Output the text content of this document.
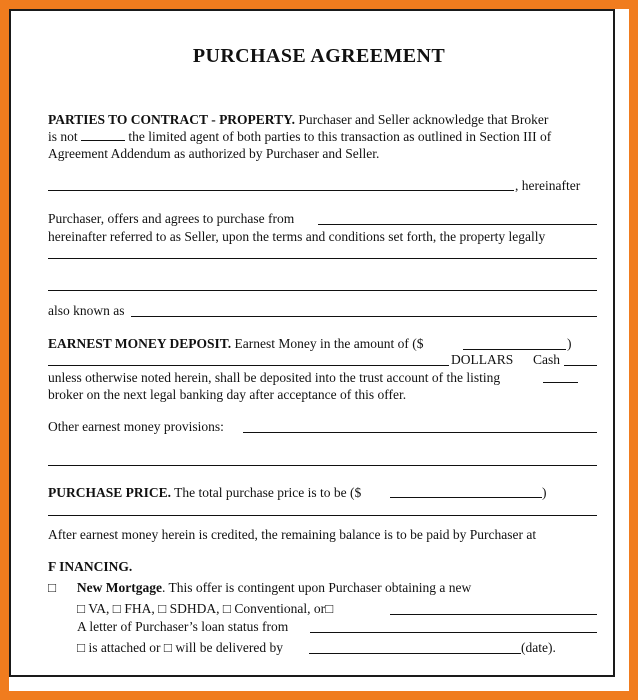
PURCHASE AGREEMENT
PARTIES TO CONTRACT - PROPERTY. Purchaser and Seller acknowledge that Broker
is not	the limited agent of both parties to this transaction as outlined in Section III of
Agreement Addendum as authorized by Purchaser and Seller.
, hereinafter
Purchaser, offers and agrees to purchase from
hereinafter referred to as Seller, upon the terms and conditions set forth, the property legally
also known as
EARNEST MONEY DEPOSIT. Earnest Money in the amount of ($	)
DOLLARS Cash
unless otherwise noted herein, shall be deposited into the trust account of the listing
broker on the next legal banking day after acceptance of this offer.
Other earnest money provisions:
PURCHASE PRICE. The total purchase price is to be ($	)
After earnest money herein is credited, the remaining balance is to be paid by Purchaser at
F INANCING.
□ New Mortgage. This offer is contingent upon Purchaser obtaining a new
□ VA, □ FHA, □ SDHDA, □ Conventional, or□
A letter of Purchaser’s loan status from
□ is attached or □ will be delivered by	(date).
